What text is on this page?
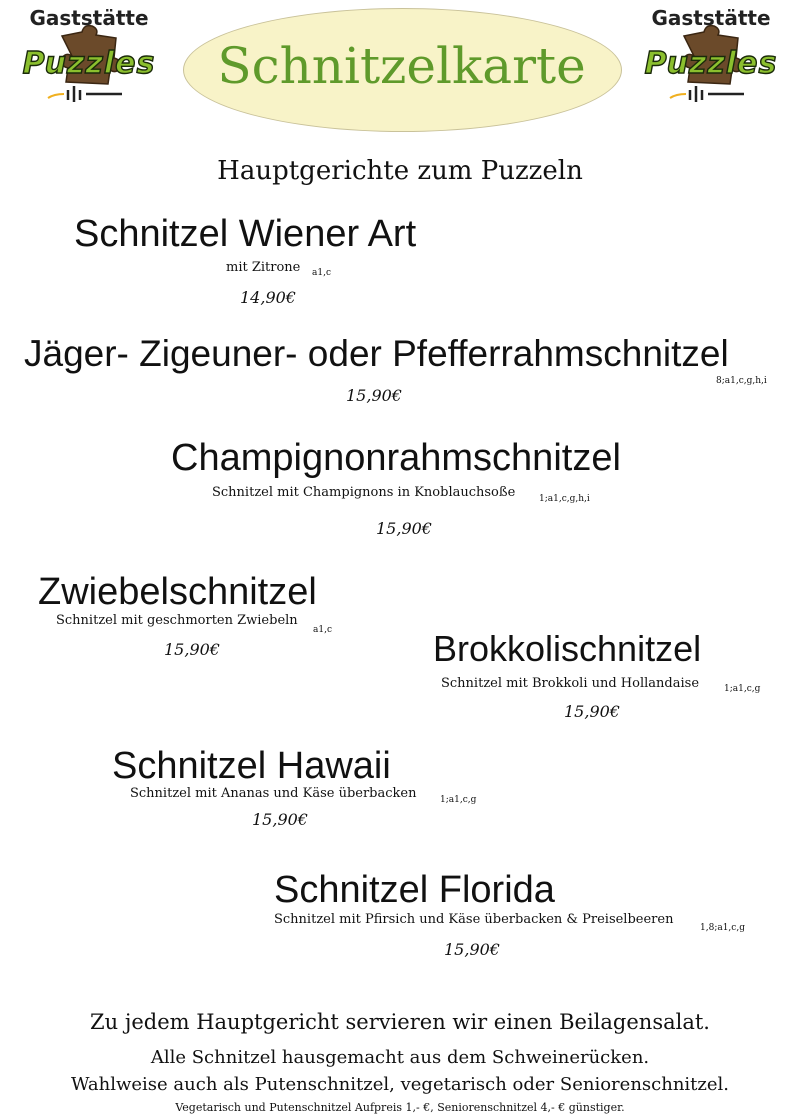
Gaststätte
Puzzles	Schnitzelkarte
Gaststätte
Puzzles
Hauptgerichte zum Puzzeln
Schnitzel Wiener Art
mit Zitrone a1,c
14,90€
Jäger- Zigeuner- oder Pfefferrahmschnitzel
8;a1,c,g,h,i
15,90€
Champignonrahmschnitzel
Schnitzel mit Champignons in Knoblauchsoße	1;a1,c,g,h,i
15,90€
Zwiebelschnitzel
Schnitzel mit geschmorten Zwiebeln
a1,c
15,90€	Brokkolischnitzel
Schnitzel mit Brokkoli und Hollandaise	1;a1,c,g
15,90€
Schnitzel Hawaii
Schnitzel mit Ananas und Käse überbacken	1;a1,c,g
15,90€
Schnitzel Florida
Schnitzel mit Pfirsich und Käse überbacken & Preiselbeeren
1,8;a1,c,g
15,90€
Zu jedem Hauptgericht servieren wir einen Beilagensalat.
Alle Schnitzel hausgemacht aus dem Schweinerücken.
Wahlweise auch als Putenschnitzel, vegetarisch oder Seniorenschnitzel.
Vegetarisch und Putenschnitzel Aufpreis 1,- €, Seniorenschnitzel 4,- € günstiger.
